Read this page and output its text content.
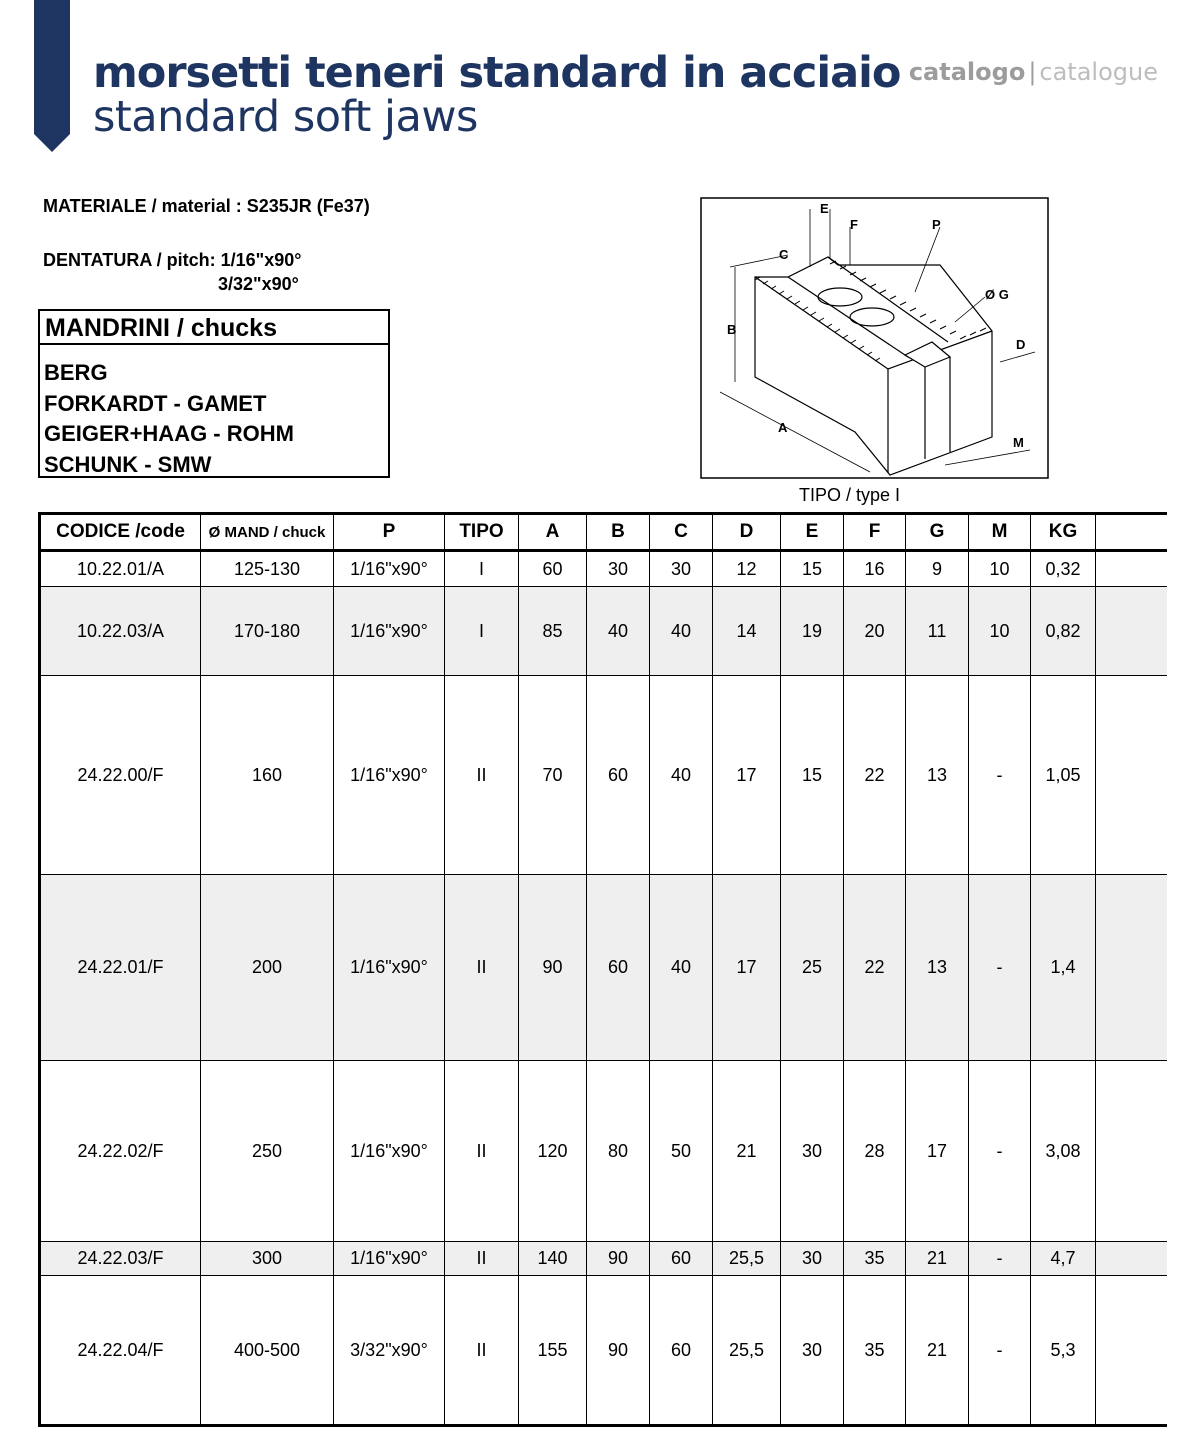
morsetti teneri standard in acciaio
standard soft jaws
catalogo | catalogue
MATERIALE / material : S235JR (Fe37)
DENTATURA / pitch: 1/16"x90°
3/32"x90°
MANDRINI / chucks
BERG
FORKARDT - GAMET
GEIGER+HAAG - ROHM
SCHUNK - SMW
E
F	P
C
Ø G
B
D
A
M
TIPO / type I
CODICE /code	Ø MAND / chuck	P	TIPO	A	B	C	D	E	F	G	M	KG	
10.22.01/A	125-130	1/16"x90°	I	60	30	30	12	15	16	9	10	0,32	
10.22.03/A	170-180	1/16"x90°	I	85	40	40	14	19	20	11	10	0,82	
24.22.00/F	160	1/16"x90°	II	70	60	40	17	15	22	13	-	1,05	
24.22.01/F	200	1/16"x90°	II	90	60	40	17	25	22	13	-	1,4	
24.22.02/F	250	1/16"x90°	II	120	80	50	21	30	28	17	-	3,08	
24.22.03/F	300	1/16"x90°	II	140	90	60	25,5	30	35	21	-	4,7	
24.22.04/F	400-500	3/32"x90°	II	155	90	60	25,5	30	35	21	-	5,3	
